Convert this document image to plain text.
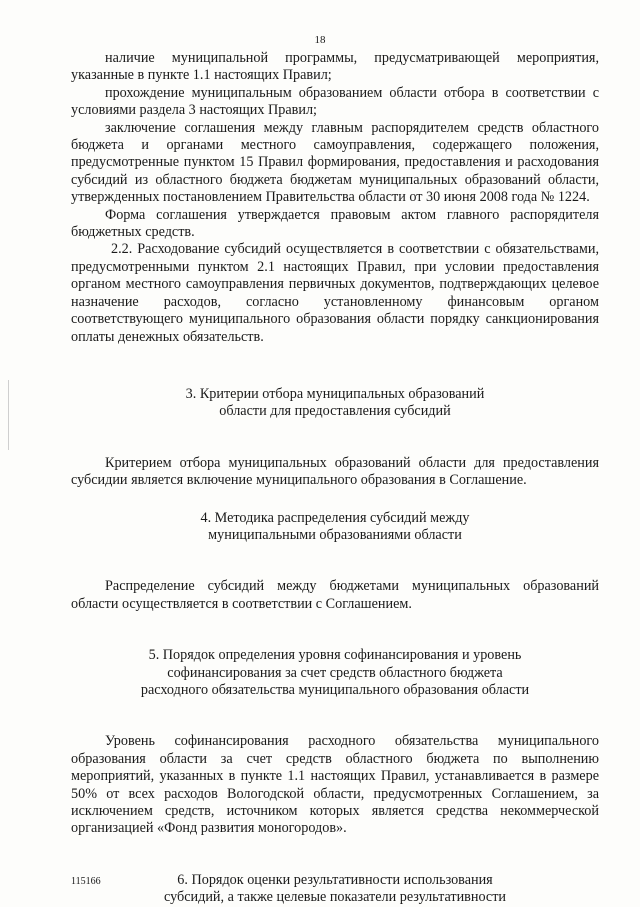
18

наличие муниципальной программы, предусматривающей мероприятия, указанные в пункте 1.1 настоящих Правил;

прохождение муниципальным образованием области отбора в соответствии с условиями раздела 3 настоящих Правил;

заключение соглашения между главным распорядителем средств областного бюджета и органами местного самоуправления, содержащего положения, предусмотренные пунктом 15 Правил формирования, предоставления и расходования субсидий из областного бюджета бюджетам муниципальных образований области, утвержденных постановлением Правительства области от 30 июня 2008 года № 1224.

Форма соглашения утверждается правовым актом главного распорядителя бюджетных средств.

2.2. Расходование субсидий осуществляется в соответствии с обязательствами, предусмотренными пунктом 2.1 настоящих Правил, при условии предоставления органом местного самоуправления первичных документов, подтверждающих целевое назначение расходов, согласно установленному финансовым органом соответствующего муниципального образования области порядку санкционирования оплаты денежных обязательств.

3. Критерии отбора муниципальных образований

области для предоставления субсидий

Критерием отбора муниципальных образований области для предоставления субсидии является включение муниципального образования в Соглашение.

4. Методика распределения субсидий между

муниципальными образованиями области

Распределение субсидий между бюджетами муниципальных образований области осуществляется в соответствии с Соглашением.

5. Порядок определения уровня софинансирования и уровень

софинансирования за счет средств областного бюджета

расходного обязательства муниципального образования области

Уровень софинансирования расходного обязательства муниципального образования области за счет средств областного бюджета по выполнению мероприятий, указанных в пункте 1.1 настоящих Правил, устанавливается в размере 50% от всех расходов Вологодской области, предусмотренных Соглашением, за исключением средств, источником которых является средства некоммерческой организацией «Фонд развития моногородов».

6. Порядок оценки результативности использования

субсидий, а также целевые показатели результативности

115166
